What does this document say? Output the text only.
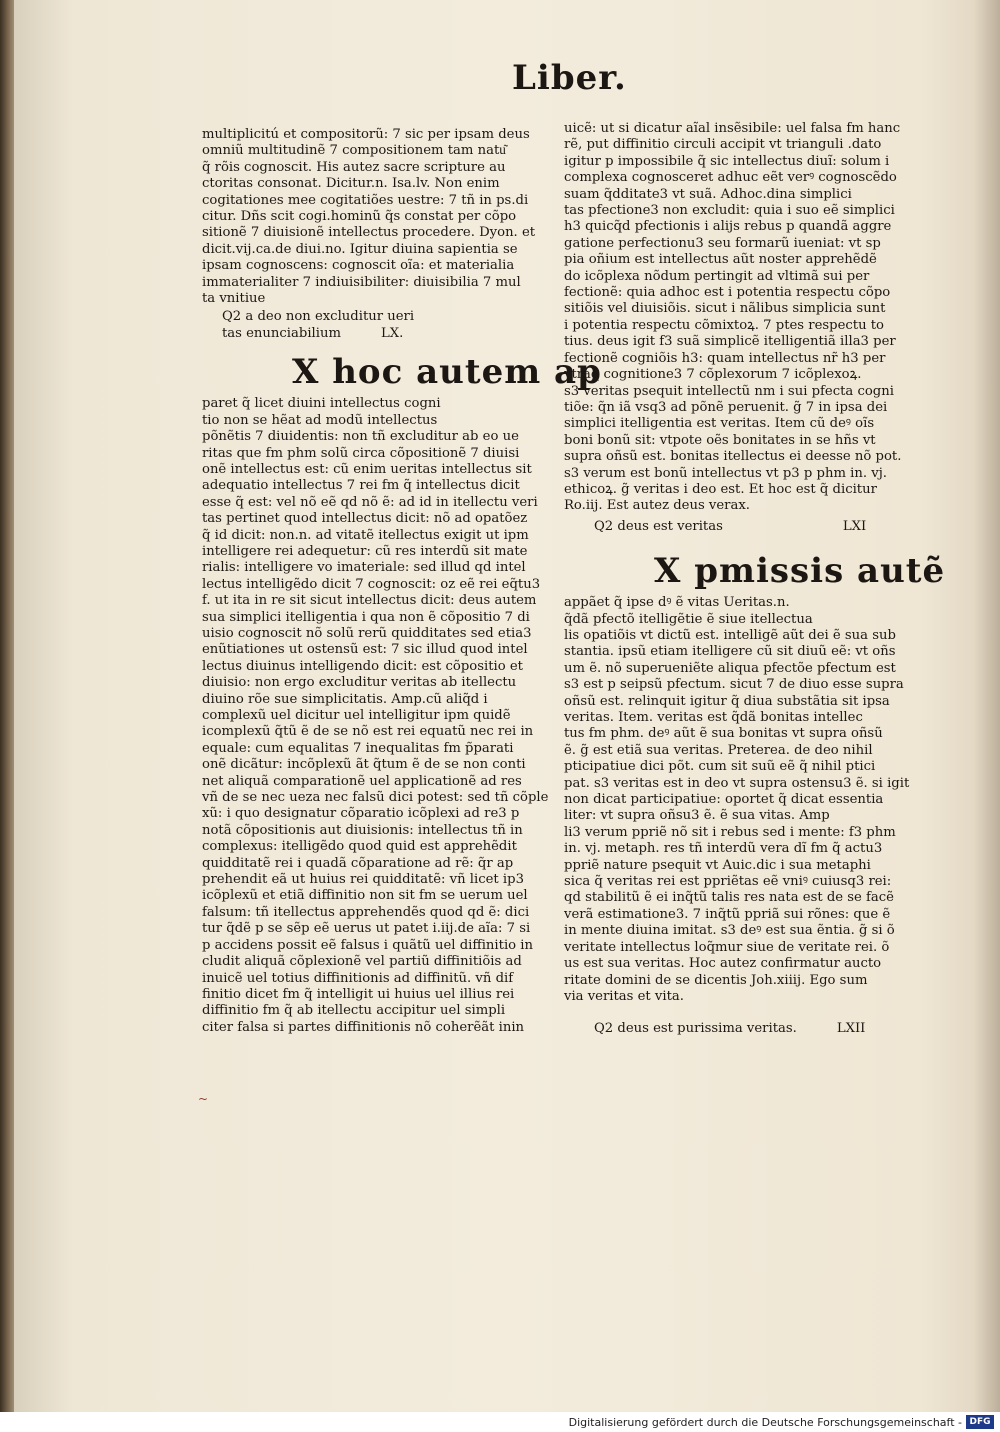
Liber.
multiplicitú et compositorũ: 7 sic per ipsam deus
omniũ multitudinẽ 7 compositionem tam natu͂
q̃ rõis cognoscit. His autez sacre scripture au
ctoritas consonat. Dicitur.n. Isa.lv. Non enim
cogitationes mee cogitatiões uestre: 7 tñ in ps.di
citur. Dñs scit cogi.hominũ q̃s constat per cõpo
sitionẽ 7 diuisionẽ intellectus procedere. Dyon. et
dicit.vij.ca.de diui.no. Igitur diuina sapientia se
ipsam cognoscens: cognoscit oĩa: et materialia
immaterialiter 7 indiuisibiliter: diuisibilia 7 mul
ta vnitiue
Q2 a deo non excluditur ueri
tas enunciabilium	LX.
X hoc autem ap
paret q̃ licet diuini intellectus cogni
tio non se hẽat ad modũ intellectus
põnẽtis 7 diuidentis: non tñ excluditur ab eo ue
ritas que fm phm solũ circa cõpositionẽ 7 diuisi
onẽ intellectus est: cũ enim ueritas intellectus sit
adequatio intellectus 7 rei fm q̃ intellectus dicit
esse q̃ est: vel nõ eẽ qd nõ ẽ: ad id in itellectu veri
tas pertinet quod intellectus dicit: nõ ad opatõez
q̃ id dicit: non.n. ad vitatẽ itellectus exigit ut ipm
intelligere rei adequetur: cũ res interdũ sit mate
rialis: intelligere vo imateriale: sed illud qd intel
lectus intelligẽdo dicit 7 cognoscit: oz eẽ rei eq̃tu3
f. ut ita in re sit sicut intellectus dicit: deus autem
sua simplici itelligentia i qua non ẽ cõpositio 7 di
uisio cognoscit nõ solũ rerũ quidditates sed etia3
enũtiationes ut ostensũ est: 7 sic illud quod intel
lectus diuinus intelligendo dicit: est cõpositio et
diuisio: non ergo excluditur veritas ab itellectu
diuino rõe sue simplicitatis. Amp.cũ aliq̃d i
complexũ uel dicitur uel intelligitur ipm quidẽ
icomplexũ q̃tũ ẽ de se nõ est rei equatũ nec rei in
equale: cum equalitas 7 inequalitas fm p̃parati
onẽ dicãtur: incõplexũ ãt q̃tum ẽ de se non conti
net aliquã comparationẽ uel applicationẽ ad res
vñ de se nec ueza nec falsũ dici potest: sed tñ cõple
xũ: i quo designatur cõparatio icõplexi ad re3 p
notã cõpositionis aut diuisionis: intellectus tñ in
complexus: itelligẽdo quod quid est apprehẽdit
quidditatẽ rei i quadã cõparatione ad rẽ: q̃r ap
prehendit eã ut huius rei quidditatẽ: vñ licet ip3
icõplexũ et etiã diffinitio non sit fm se uerum uel
falsum: tñ itellectus apprehendẽs quod qd ẽ: dici
tur q̃dẽ p se sẽp eẽ uerus ut patet i.iij.de aĩa: 7 si
p accidens possit eẽ falsus i quãtũ uel diffinitio in
cludit aliquã cõplexionẽ vel partiũ diffinitiõis ad
inuicẽ uel totius diffinitionis ad diffinitũ. vñ dif
finitio dicet fm q̃ intelligit ui huius uel illius rei
diffinitio fm q̃ ab itellectu accipitur uel simpli
citer falsa si partes diffinitionis nõ coherẽãt inin
uicẽ: ut si dicatur aĩal insẽsibile: uel falsa fm hanc
rẽ, put diffinitio circuli accipit vt trianguli .dato
igitur p impossibile q̃ sic intellectus diuĩ: solum i
complexa cognosceret adhuc eẽt verꝰ cognoscẽdo
suam q̃dditate3 vt suã. Adhoc.dina simplici
tas pfectione3 non excludit: quia i suo eẽ simplici
h3 quicq̃d pfectionis i alijs rebus p quandã aggre
gatione perfectionu3 seu formarũ iueniat: vt sp
pia oñium est intellectus aũt noster apprehẽdẽ
do icõplexa nõdum pertingit ad vltimã sui per
fectionẽ: quia adhoc est i potentia respectu cõpo
sitiõis vel diuisiõis. sicut i nãlibus simplicia sunt
i potentia respectu cõmixtoꝝ. 7 ptes respectu to
tius. deus igit f3 suã simplicẽ itelligentiã illa3 per
fectionẽ cogniõis h3: quam intellectus nr̃ h3 per
vtraq̃ cognitione3 7 cõplexorum 7 icõplexoꝝ.
s3 veritas psequit intellectũ nm i sui pfecta cogni
tiõe: q̃n iã vsq3 ad põnẽ peruenit. g̃ 7 in ipsa dei
simplici itelligentia est veritas. Item cũ deꝰ oĩs
boni bonũ sit: vtpote oẽs bonitates in se hñs vt
supra oñsũ est. bonitas itellectus ei deesse nõ pot.
s3 verum est bonũ intellectus vt p3 p phm in. vj.
ethicoꝝ. g̃ veritas i deo est. Et hoc est q̃ dicitur
Ro.iij. Est autez deus verax.
Q2 deus est veritas	LXI
X pmissis autẽ
appãet q̃ ipse dꝰ ẽ vitas Ueritas.n.
q̃dã pfectõ itelligẽtie ẽ siue itellectua
lis opatiõis vt dictũ est. intelligẽ aũt dei ẽ sua sub
stantia. ipsũ etiam itelligere cũ sit diuũ eẽ: vt oñs
um ẽ. nõ superueniẽte aliqua pfectõe pfectum est
s3 est p seipsũ pfectum. sicut 7 de diuo esse supra
oñsũ est. relinquit igitur q̃ diua substãtia sit ipsa
veritas. Item. veritas est q̃dã bonitas intellec
tus fm phm. deꝰ aũt ẽ sua bonitas vt supra oñsũ
ẽ. g̃ est etiã sua veritas. Preterea. de deo nihil
pticipatiue dici põt. cum sit suũ eẽ q̃ nihil ptici
pat. s3 veritas est in deo vt supra ostensu3 ẽ. si igit
non dicat participatiue: oportet q̃ dicat essentia
liter: vt supra oñsu3 ẽ. ẽ sua vitas. Amp
li3 verum ppriẽ nõ sit i rebus sed i mente: f3 phm
in. vj. metaph. res tñ interdũ vera dĩ fm q̃ actu3
ppriẽ nature psequit vt Auic.dic i sua metaphi
sica q̃ veritas rei est ppriẽtas eẽ vniꝰ cuiusq3 rei:
qd stabilitũ ẽ ei inq̃tũ talis res nata est de se facẽ
verã estimatione3. 7 inq̃tũ ppriã sui rõnes: que ẽ
in mente diuina imitat. s3 deꝰ est sua ẽntia. g̃ si õ
veritate intellectus loq̃mur siue de veritate rei. õ
us est sua veritas. Hoc autez confirmatur aucto
ritate domini de se dicentis Joh.xiiij. Ego sum
via veritas et vita.
Q2 deus est purissima veritas.	LXII
~
Digitalisierung gefördert durch die Deutsche Forschungsgemeinschaft - DFG
